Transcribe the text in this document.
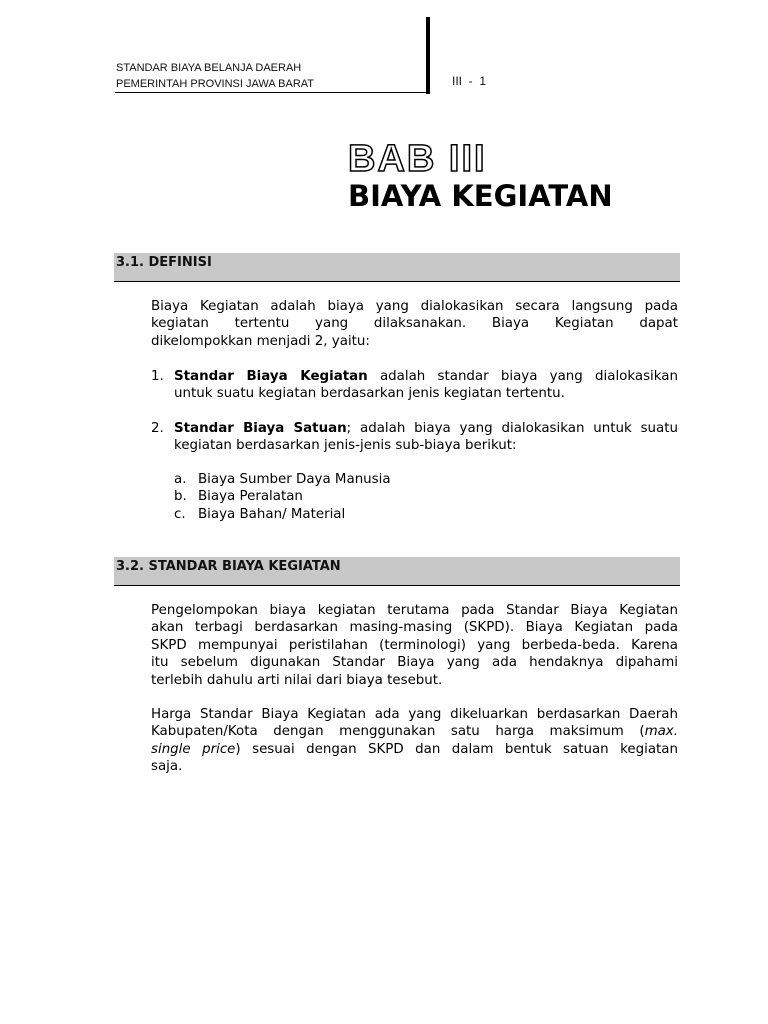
STANDAR BIAYA BELANJA DAERAH
PEMERINTAH PROVINSI JAWA BARAT	III  -  1
BAB III
BIAYA KEGIATAN
3.1. DEFINISI
Biaya Kegiatan adalah biaya yang dialokasikan secara langsung pada
kegiatan tertentu yang dilaksanakan. Biaya Kegiatan dapat
dikelompokkan menjadi 2, yaitu:
1. Standar Biaya Kegiatan adalah standar biaya yang dialokasikan
untuk suatu kegiatan berdasarkan jenis kegiatan tertentu.
2. Standar Biaya Satuan; adalah biaya yang dialokasikan untuk suatu
kegiatan berdasarkan jenis-jenis sub-biaya berikut:
a. Biaya Sumber Daya Manusia
b. Biaya Peralatan
c. Biaya Bahan/ Material
3.2. STANDAR BIAYA KEGIATAN
Pengelompokan biaya kegiatan terutama pada Standar Biaya Kegiatan
akan terbagi berdasarkan masing-masing (SKPD). Biaya Kegiatan pada
SKPD mempunyai peristilahan (terminologi) yang berbeda-beda. Karena
itu sebelum digunakan Standar Biaya yang ada hendaknya dipahami
terlebih dahulu arti nilai dari biaya tesebut.
Harga Standar Biaya Kegiatan ada yang dikeluarkan berdasarkan Daerah
Kabupaten/Kota dengan menggunakan satu harga maksimum (max.
single price) sesuai dengan SKPD dan dalam bentuk satuan kegiatan
saja.
